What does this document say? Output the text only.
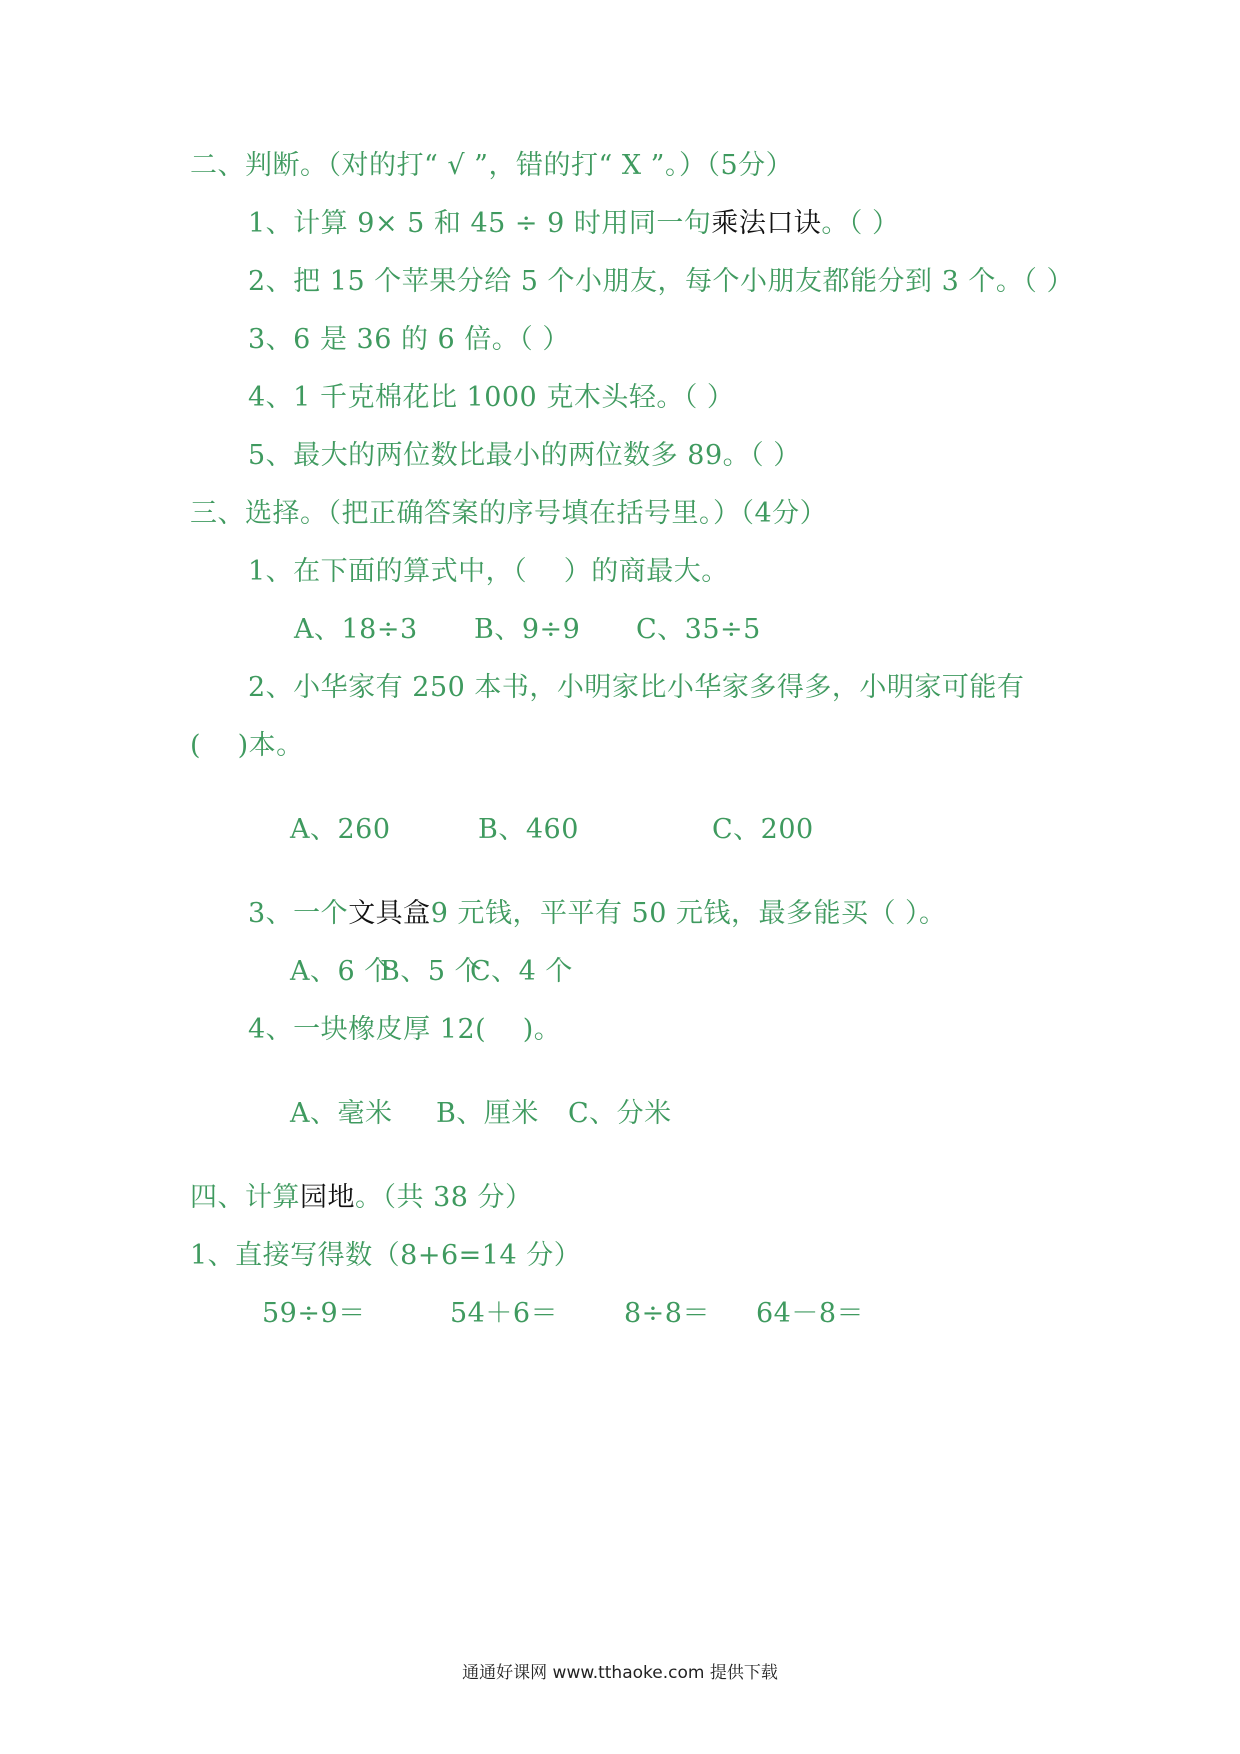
二、判断。（对的打“ √ ”，错的打“ X ”。）（5分）
1、计算 9× 5 和 45 ÷ 9 时用同一句乘法口诀。（ ）
2、把 15 个苹果分给 5 个小朋友，每个小朋友都能分到 3 个。（ ）
3、6 是 36 的 6 倍。（ ）
4、1 千克棉花比 1000 克木头轻。（ ）
5、最大的两位数比最小的两位数多 89。（ ）
三、选择。（把正确答案的序号填在括号里。）（4分）
1、在下面的算式中，（　 ）的商最大。
A、18÷3 B、9÷9 C、35÷5
2、小华家有 250 本书，小明家比小华家多得多，小明家可能有
(　 )本。
A、260	B、460	C、200
3、一个文具盒9 元钱，平平有 50 元钱，最多能买（ ）。
A、6 个B、5 个C、4 个
4、一块橡皮厚 12(　 )。
A、毫米 B、厘米 C、分米
四、计算园地。（共 38 分）
1、直接写得数（8+6=14 分）
59÷9＝	54＋6＝ 8÷8＝ 64－8＝
通通好课网 www.tthaoke.com 提供下载
